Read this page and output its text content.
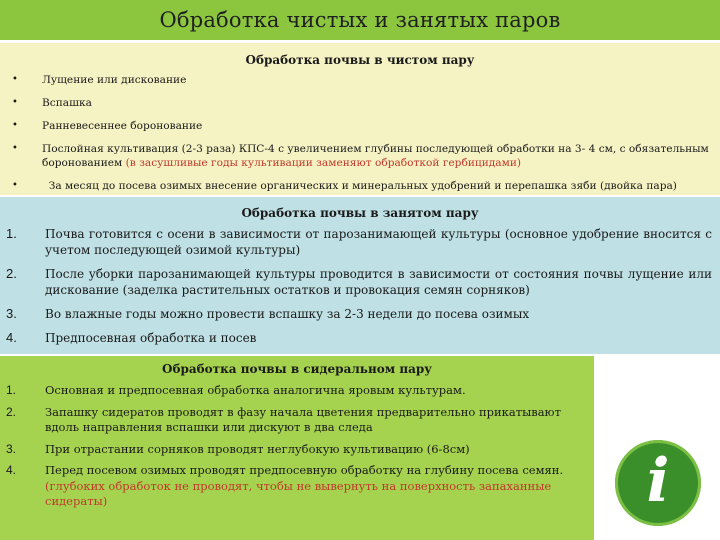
Обработка чистых и занятых паров
Обработка почвы в чистом пару
• Лущение или дискование
• Вспашка
• Ранневесеннее боронование
• Послойная культивация (2-3 раза) КПС-4 с увеличением глубины последующей обработки на 3- 4 см, с обязательным боронованием (в засушливые годы культивации заменяют обработкой гербицидами)
• За месяц до посева озимых внесение органических и минеральных удобрений и перепашка зяби (двойка пара)
Обработка почвы в занятом пару
1. Почва готовится с осени в зависимости от парозанимающей культуры (основное удобрение вносится с учетом последующей озимой культуры)
2. После уборки парозанимающей культуры проводится в зависимости от состояния почвы лущение или дискование (заделка растительных остатков и провокация семян сорняков)
3. Во влажные годы можно провести вспашку за 2-3 недели до посева озимых
4. Предпосевная обработка и посев
Обработка почвы в сидеральном пару
1.	Основная и предпосевная обработка аналогична яровым культурам.
2.	Запашку сидератов проводят в фазу начала цветения предварительно прикатывают вдоль направления вспашки или дискуют в два следа
3.	При отрастании сорняков проводят неглубокую культивацию (6-8см)
4.	Перед посевом озимых проводят предпосевную обработку на глубину посева семян.(глубоких обработок не проводят, чтобы не вывернуть на поверхность запаханные сидераты)	i
